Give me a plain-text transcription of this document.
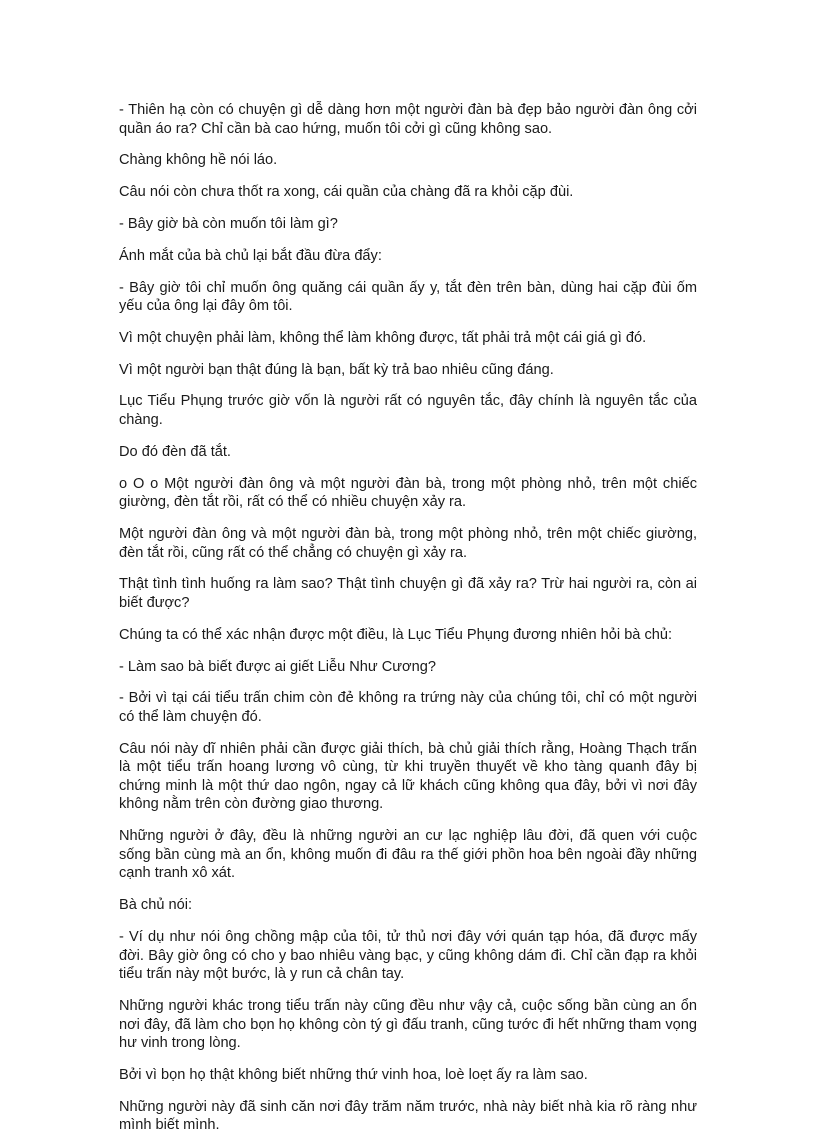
- Thiên hạ còn có chuyện gì dễ dàng hơn một người đàn bà đẹp bảo người đàn ông cởi quần áo ra? Chỉ cần bà cao hứng, muốn tôi cởi gì cũng không sao.

Chàng không hề nói láo.

Câu nói còn chưa thốt ra xong, cái quần của chàng đã ra khỏi cặp đùi.

- Bây giờ bà còn muốn tôi làm gì?

Ánh mắt của bà chủ lại bắt đầu đừa đẩy:

- Bây giờ tôi chỉ muốn ông quăng cái quần ấy y, tắt đèn trên bàn, dùng hai cặp đùi ốm yếu của ông lại đây ôm tôi.

Vì một chuyện phải làm, không thể làm không được, tất phải trả một cái giá gì đó.

Vì một người bạn thật đúng là bạn, bất kỳ trả bao nhiêu cũng đáng.

Lục Tiểu Phụng trước giờ vốn là người rất có nguyên tắc, đây chính là nguyên tắc của chàng.

Do đó đèn đã tắt.

o O o Một người đàn ông và một người đàn bà, trong một phòng nhỏ, trên một chiếc giường, đèn tắt rồi, rất có thể có nhiều chuyện xảy ra.

Một người đàn ông và một người đàn bà, trong một phòng nhỏ, trên một chiếc giường, đèn tắt rồi, cũng rất có thể chẳng có chuyện gì xảy ra.

Thật tình tình huống ra làm sao? Thật tình chuyện gì đã xảy ra? Trừ hai người ra, còn ai biết được?

Chúng ta có thể xác nhận được một điều, là Lục Tiểu Phụng đương nhiên hỏi bà chủ:

- Làm sao bà biết được ai giết Liễu Như Cương?

- Bởi vì tại cái tiểu trấn chim còn đẻ không ra trứng này của chúng tôi, chỉ có một người có thể làm chuyện đó.

Câu nói này dĩ nhiên phải cần được giải thích, bà chủ giải thích rằng, Hoàng Thạch trấn là một tiểu trấn hoang lương vô cùng, từ khi truyền thuyết về kho tàng quanh đây bị chứng minh là một thứ dao ngôn, ngay cả lữ khách cũng không qua đây, bởi vì nơi đây không nằm trên còn đường giao thương.

Những người ở đây, đều là những người an cư lạc nghiệp lâu đời, đã quen với cuộc sống bần cùng mà an ổn, không muốn đi đâu ra thế giới phồn hoa bên ngoài đầy những cạnh tranh xô xát.

Bà chủ nói:

- Ví dụ như nói ông chồng mập của tôi, tử thủ nơi đây với quán tạp hóa, đã được mấy đời. Bây giờ ông có cho y bao nhiêu vàng bạc, y cũng không dám đi. Chỉ cần đạp ra khỏi tiểu trấn này một bước, là y run cả chân tay.

Những người khác trong tiểu trấn này cũng đều như vậy cả, cuộc sống bần cùng an ổn nơi đây, đã làm cho bọn họ không còn tý gì đấu tranh, cũng tước đi hết những tham vọng hư vinh trong lòng.

Bởi vì bọn họ thật không biết những thứ vinh hoa, loè loẹt ấy ra làm sao.

Những người này đã sinh căn nơi đây trăm năm trước, nhà này biết nhà kia rõ ràng như mình biết mình.
